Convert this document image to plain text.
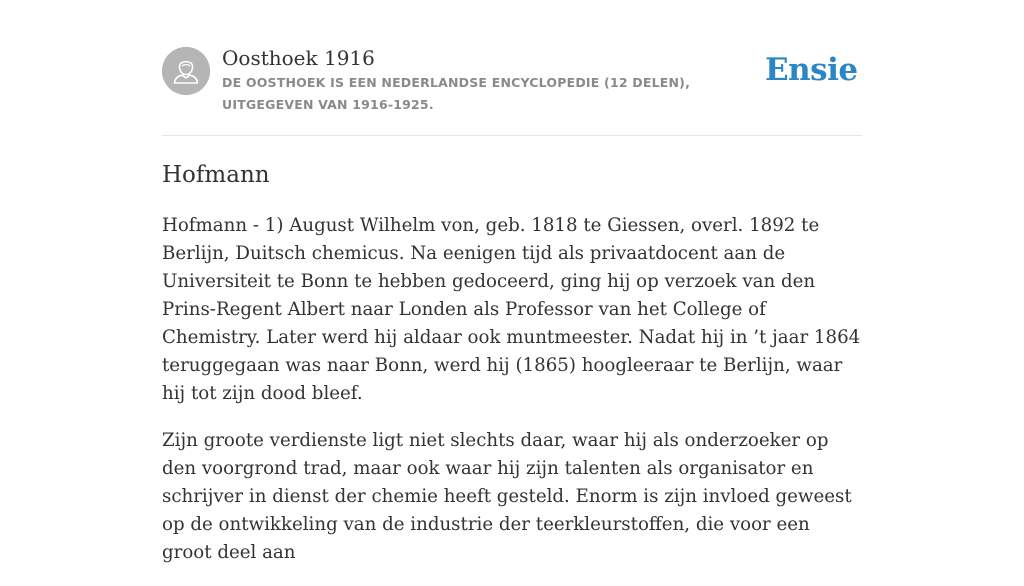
Oosthoek 1916
DE OOSTHOEK IS EEN NEDERLANDSE ENCYCLOPEDIE (12 DELEN), UITGEGEVEN VAN 1916-1925.
Ensie
Hofmann

Hofmann - 1) August Wilhelm von, geb. 1818 te Giessen, overl. 1892 te Berlijn, Duitsch chemicus. Na eenigen tijd als privaatdocent aan de Universiteit te Bonn te hebben gedoceerd, ging hij op verzoek van den Prins-Regent Albert naar Londen als Professor van het College of Chemistry. Later werd hij aldaar ook muntmeester. Nadat hij in ’t jaar 1864 teruggegaan was naar Bonn, werd hij (1865) hoogleeraar te Berlijn, waar hij tot zijn dood bleef.

Zijn groote verdienste ligt niet slechts daar, waar hij als onderzoeker op den voorgrond trad, maar ook waar hij zijn talenten als organisator en schrijver in dienst der chemie heeft gesteld. Enorm is zijn invloed geweest op de ontwikkeling van de industrie der teerkleurstoffen, die voor een groot deel aan
